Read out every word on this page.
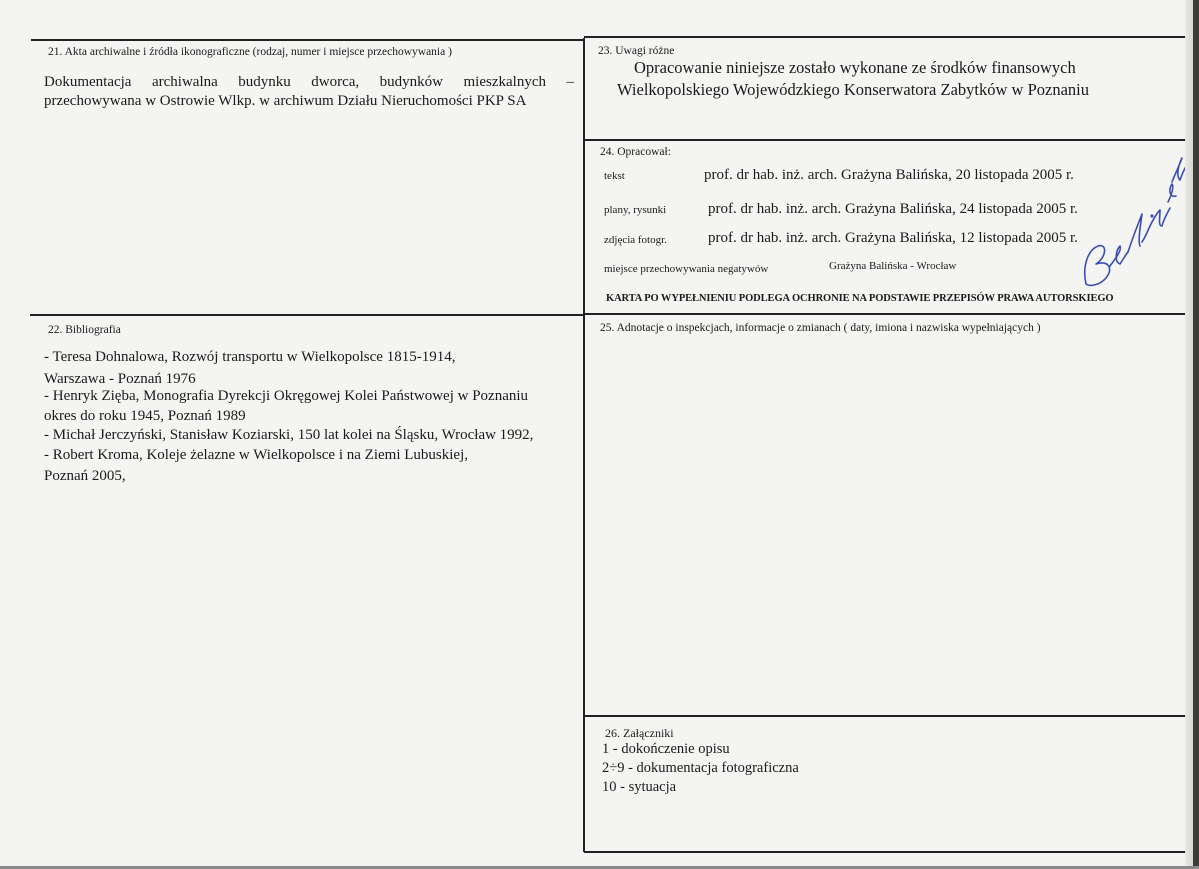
21. Akta archiwalne i źródła ikonograficzne (rodzaj, numer i miejsce przechowywania )
Dokumentacja archiwalna budynku dworca, budynków mieszkalnych –
przechowywana w Ostrowie Wlkp. w archiwum Działu Nieruchomości PKP SA
22. Bibliografia
- Teresa Dohnalowa, Rozwój transportu w Wielkopolsce 1815-1914,
Warszawa - Poznań 1976
- Henryk Zięba, Monografia Dyrekcji Okręgowej Kolei Państwowej w Poznaniu
okres do roku 1945, Poznań 1989
- Michał Jerczyński, Stanisław Koziarski, 150 lat kolei na Śląsku, Wrocław 1992,
- Robert Kroma, Koleje żelazne w Wielkopolsce i na Ziemi Lubuskiej,
Poznań 2005,
23. Uwagi różne
Opracowanie niniejsze zostało wykonane ze środków finansowych
Wielkopolskiego Wojewódzkiego Konserwatora Zabytków w Poznaniu
24. Opracował:
tekst	prof. dr hab. inż. arch. Grażyna Balińska, 20 listopada 2005 r.
plany, rysunki	prof. dr hab. inż. arch. Grażyna Balińska, 24 listopada 2005 r.
zdjęcia fotogr.	prof. dr hab. inż. arch. Grażyna Balińska, 12 listopada 2005 r.
miejsce przechowywania negatywów	Grażyna Balińska - Wrocław
KARTA PO WYPEŁNIENIU PODLEGA OCHRONIE NA PODSTAWIE PRZEPISÓW PRAWA AUTORSKIEGO
25. Adnotacje o inspekcjach, informacje o zmianach ( daty, imiona i nazwiska wypełniających )
26. Załączniki
1 - dokończenie opisu
2÷9 - dokumentacja fotograficzna
10 - sytuacja
